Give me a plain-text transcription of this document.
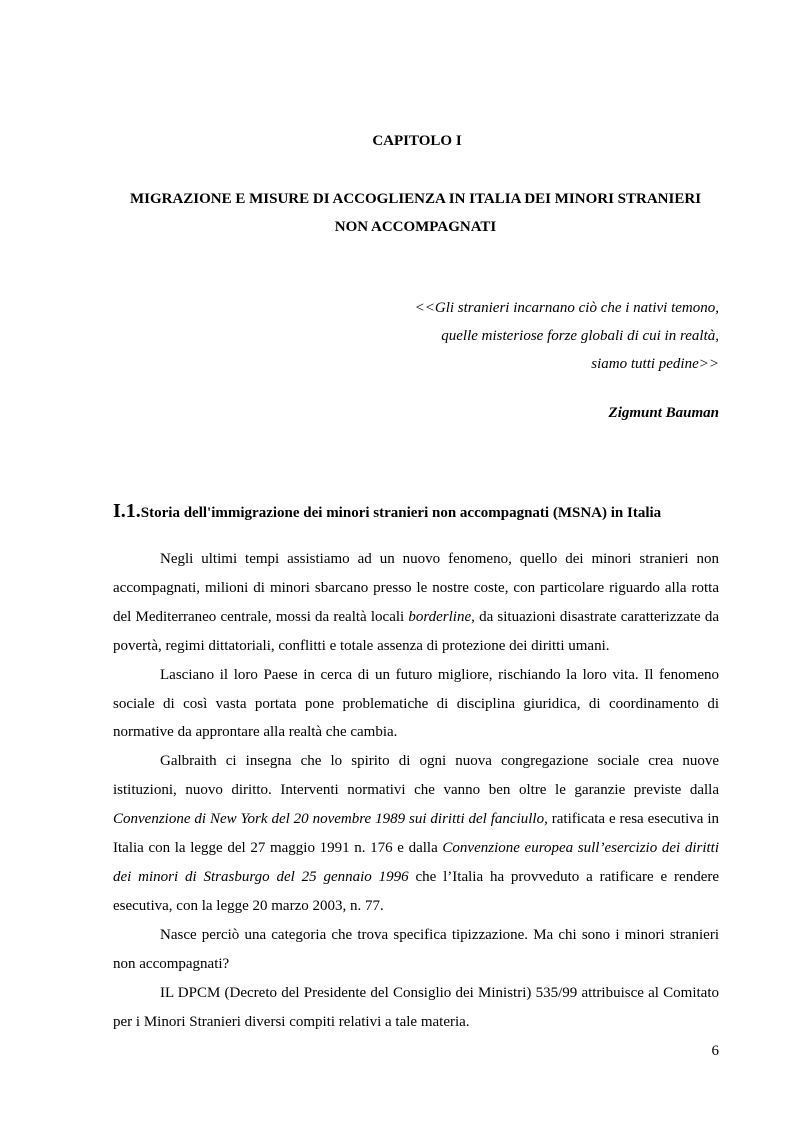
CAPITOLO I
MIGRAZIONE E MISURE DI ACCOGLIENZA IN ITALIA DEI MINORI STRANIERI NON ACCOMPAGNATI
<<Gli stranieri incarnano ciò che i nativi temono,
quelle misteriose forze globali di cui in realtà,
siamo tutti pedine>>
Zigmunt Bauman
I.1.Storia dell'immigrazione dei minori stranieri non accompagnati (MSNA) in Italia

Negli ultimi tempi assistiamo ad un nuovo fenomeno, quello dei minori stranieri non accompagnati, milioni di minori sbarcano presso le nostre coste, con particolare riguardo alla rotta del Mediterraneo centrale, mossi da realtà locali borderline, da situazioni disastrate caratterizzate da povertà, regimi dittatoriali, conflitti e totale assenza di protezione dei diritti umani.

Lasciano il loro Paese in cerca di un futuro migliore, rischiando la loro vita. Il fenomeno sociale di così vasta portata pone problematiche di disciplina giuridica, di coordinamento di normative da approntare alla realtà che cambia.

Galbraith ci insegna che lo spirito di ogni nuova congregazione sociale crea nuove istituzioni, nuovo diritto. Interventi normativi che vanno ben oltre le garanzie previste dalla Convenzione di New York del 20 novembre 1989 sui diritti del fanciullo, ratificata e resa esecutiva in Italia con la legge del 27 maggio 1991 n. 176 e dalla Convenzione europea sull’esercizio dei diritti dei minori di Strasburgo del 25 gennaio 1996 che l’Italia ha provveduto a ratificare e rendere esecutiva, con la legge 20 marzo 2003, n. 77.

Nasce perciò una categoria che trova specifica tipizzazione. Ma chi sono i minori stranieri non accompagnati?

IL DPCM (Decreto del Presidente del Consiglio dei Ministri) 535/99 attribuisce al Comitato per i Minori Stranieri diversi compiti relativi a tale materia.

6
